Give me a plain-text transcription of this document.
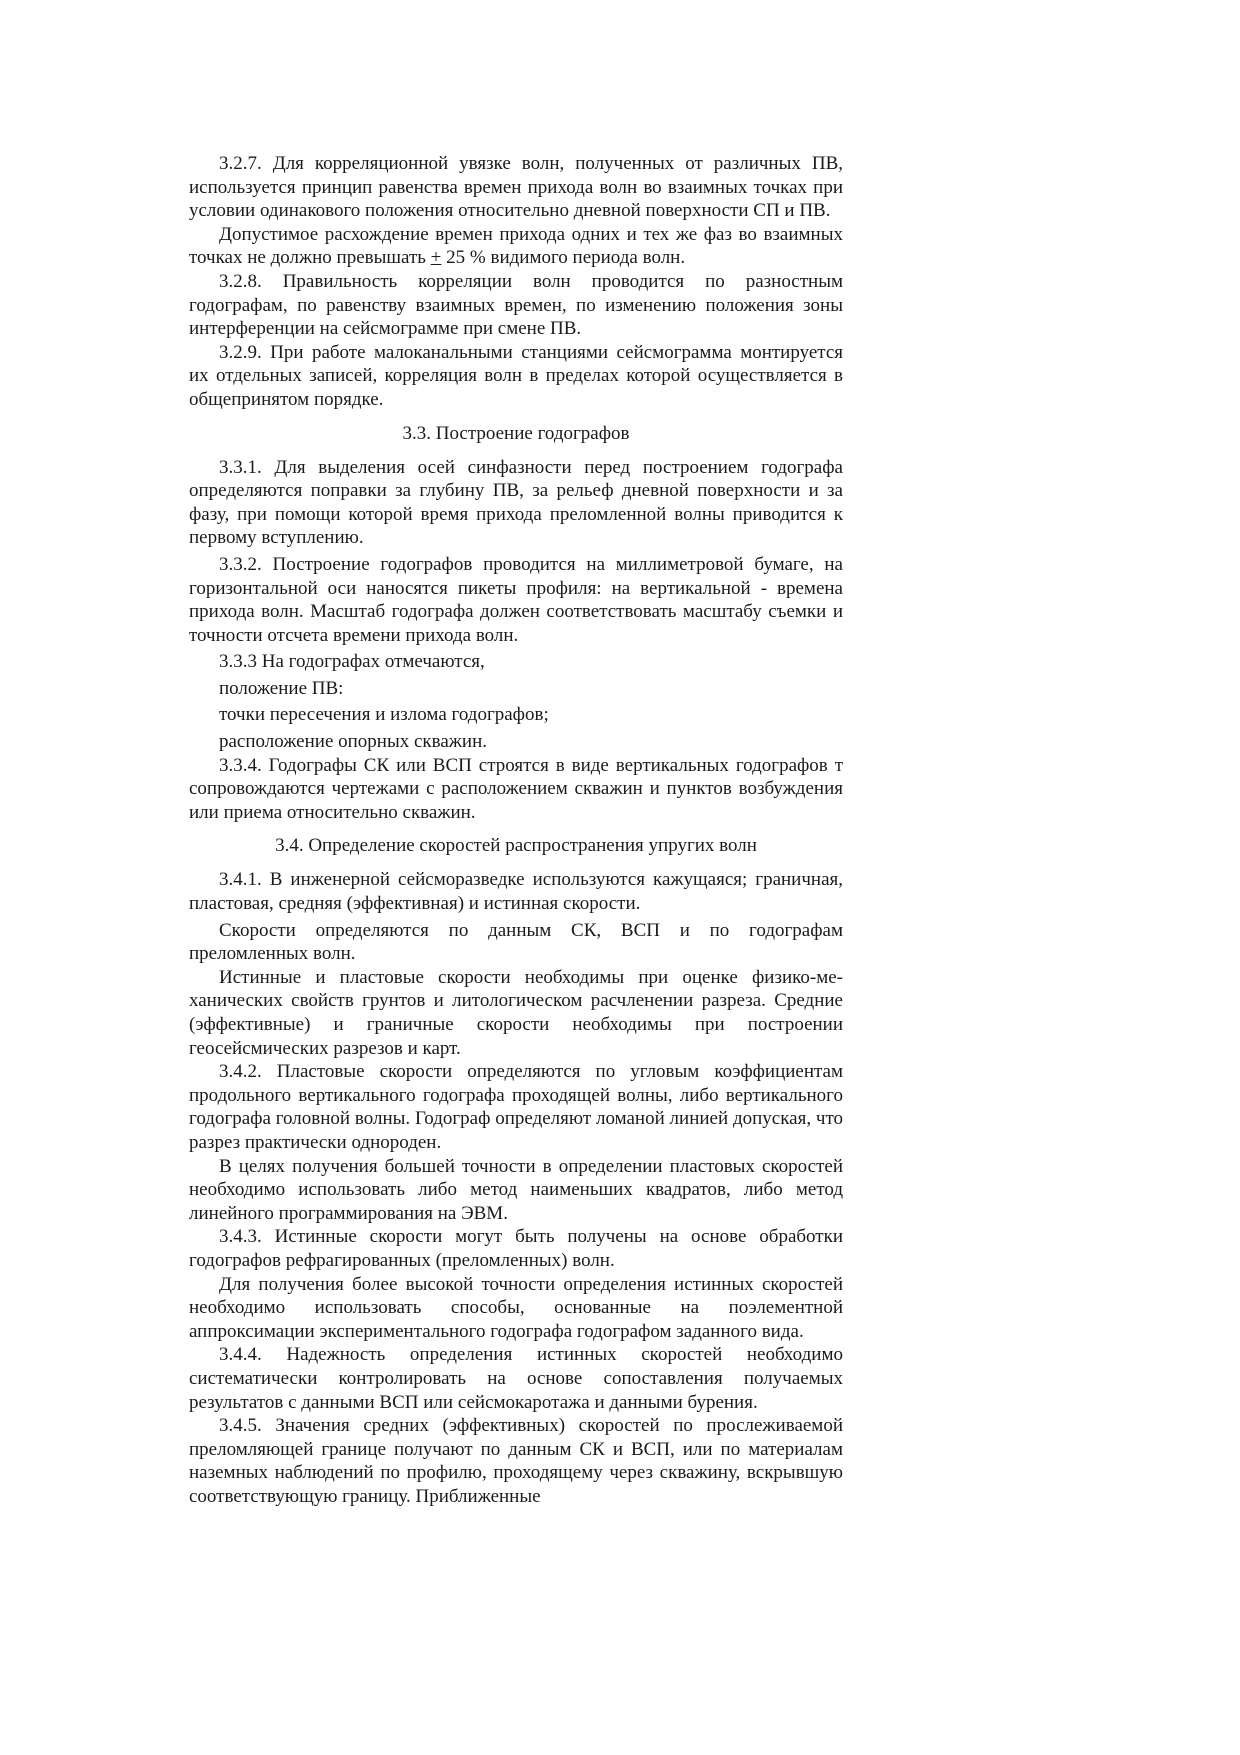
3.2.7. Для корреляционной увязке волн, полученных от различных ПВ, используется принцип равенства времен прихода волн во взаимных точках при условии одинакового положения относительно дневной поверхности СП и ПВ.

Допустимое расхождение времен прихода одних и тех же фаз во взаимных точках не должно превышать + 25 % видимого периода волн.

3.2.8. Правильность корреляции волн проводится по разностным годографам, по равенству взаимных времен, по изменению положения зоны интерференции на сейсмограмме при смене ПВ.

3.2.9. При работе малоканальными станциями сейсмограмма монтируется их отдельных записей, корреляция волн в пределах которой осуществляется в общепринятом порядке.

3.3. Построение годографов

3.3.1. Для выделения осей синфазности перед построением годографа определяются поправки за глубину ПВ, за рельеф дневной поверхности и за фазу, при помощи которой время прихода преломленной волны приводится к первому вступлению.

3.3.2. Построение годографов проводится на миллиметровой бумаге, на горизонтальной оси наносятся пикеты профиля: на вертикальной - времена прихода волн. Масштаб годографа должен соответствовать масштабу съемки и точности отсчета времени прихода волн.

3.3.3 На годографах отмечаются,

положение ПВ:

точки пересечения и излома годографов;

расположение опорных скважин.

3.3.4. Годографы СК или ВСП строятся в виде вертикальных годографов т сопровождаются чертежами с расположением скважин и пунктов возбуждения или приема относительно скважин.

3.4. Определение скоростей распространения упругих волн

3.4.1. В инженерной сейсморазведке используются кажущаяся; граничная, пластовая, средняя (эффективная) и истинная скорости.

Скорости определяются по данным СК, ВСП и по годографам преломленных волн.

Истинные и пластовые скорости необходимы при оценке физико-механических свойств грунтов и литологическом расчленении разреза. Средние (эффективные) и граничные скорости необходимы при построении геосейсмических разрезов и карт.

3.4.2. Пластовые скорости определяются по угловым коэффициентам продольного вертикального годографа проходящей волны, либо вертикального годографа головной волны. Годограф определяют ломаной линией допуская, что разрез практически однороден.

В целях получения большей точности в определении пластовых скоростей необходимо использовать либо метод наименьших квадратов, либо метод линейного программирования на ЭВМ.

3.4.3. Истинные скорости могут быть получены на основе обработки годографов рефрагированных (преломленных) волн.

Для получения более высокой точности определения истинных скоростей необходимо использовать способы, основанные на поэлементной аппроксимации экспериментального годографа годографом заданного вида.

3.4.4. Надежность определения истинных скоростей необходимо систематически контролировать на основе сопоставления получаемых результатов с данными ВСП или сейсмокаротажа и данными бурения.

3.4.5. Значения средних (эффективных) скоростей по прослеживаемой преломляющей границе получают по данным СК и ВСП, или по материалам наземных наблюдений по профилю, проходящему через скважину, вскрывшую соответствующую границу. Приближенные
